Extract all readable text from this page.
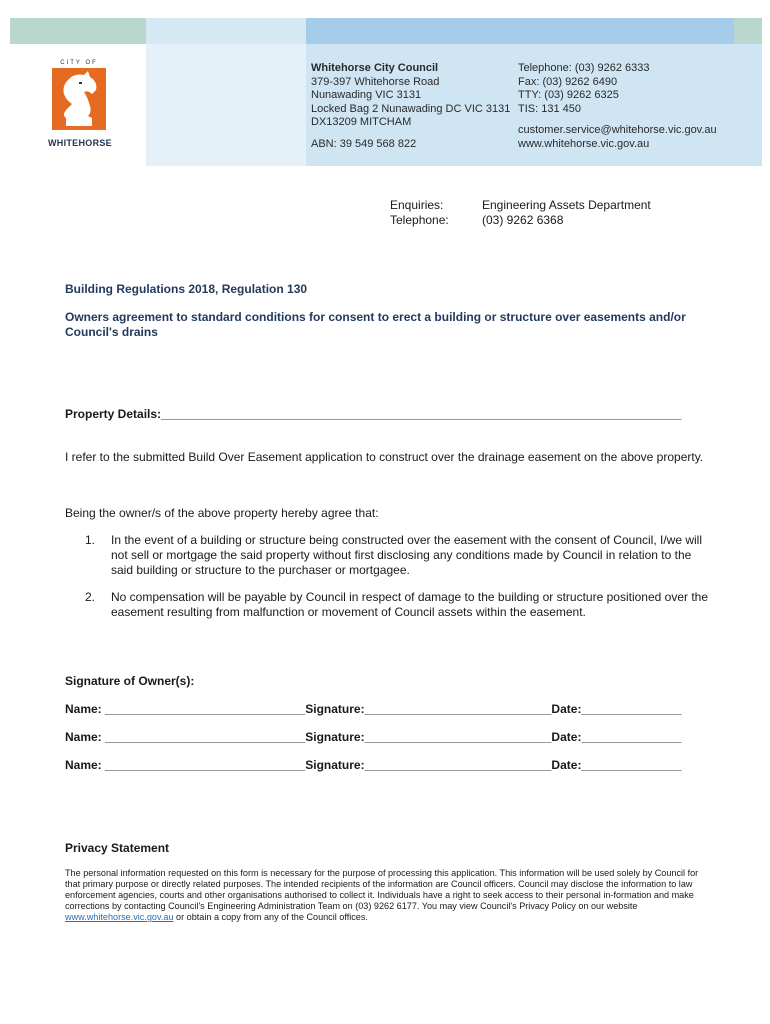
CITY OF
WHITEHORSE
Whitehorse City Council
379-397 Whitehorse Road
Nunawading VIC 3131
Locked Bag 2 Nunawading DC VIC 3131
DX13209 MITCHAM
ABN: 39 549 568 822
Telephone: (03) 9262 6333
Fax: (03) 9262 6490
TTY: (03) 9262 6325
TIS: 131 450
customer.service@whitehorse.vic.gov.au
www.whitehorse.vic.gov.au
Enquiries:	Engineering Assets Department
Telephone:	(03) 9262 6368
Building Regulations 2018, Regulation 130
Owners agreement to standard conditions for consent to erect a building or structure over easements and/or Council's drains
Property Details:______________________________________________________________________________
I refer to the submitted Build Over Easement application to construct over the drainage easement on the above property.
Being the owner/s of the above property hereby agree that:
1.	In the event of a building or structure being constructed over the easement with the consent of Council, I/we will not sell or mortgage the said property without first disclosing any conditions made by Council in relation to the said building or structure to the purchaser or mortgagee.
2.	No compensation will be payable by Council in respect of damage to the building or structure positioned over the easement resulting from malfunction or movement of Council assets within the easement.
Signature of Owner(s):
Name: ______________________________Signature:____________________________Date:_______________
Name: ______________________________Signature:____________________________Date:_______________
Name: ______________________________Signature:____________________________Date:_______________
Privacy Statement
The personal information requested on this form is necessary for the purpose of processing this application. This information will be used solely by Council for that primary purpose or directly related purposes. The intended recipients of the information are Council officers. Council may disclose the information to law enforcement agencies, courts and other organisations authorised to collect it. Individuals have a right to seek access to their personal in-formation and make corrections by contacting Council's Engineering Administration Team on (03) 9262 6177. You may view Council's Privacy Policy on our website www.whitehorse.vic.gov.au or obtain a copy from any of the Council offices.
